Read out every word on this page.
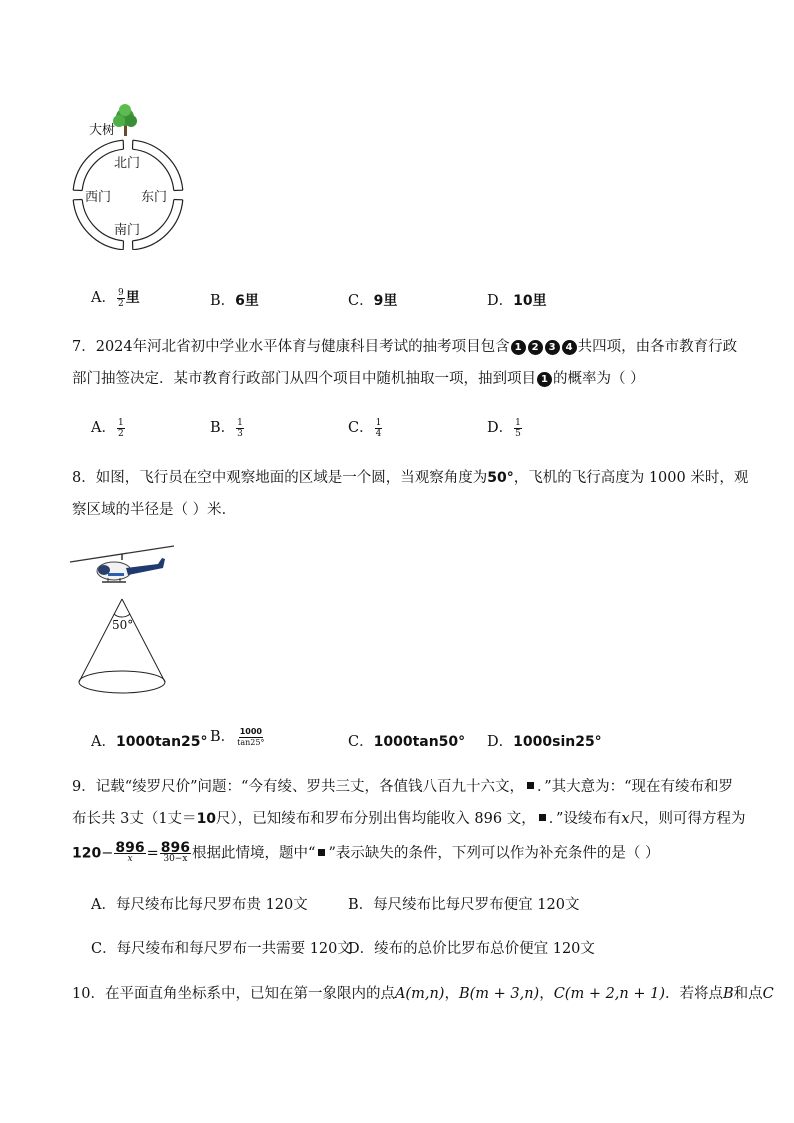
大树
北门
西门 东门
南门
A． $\frac{9}{2}$ 里	B．6里	C．9里	D．10里
7．2024年河北省初中学业水平体育与健康科目考试的抽考项目包含 1 2 3 4 共四项，由各市教育行政
部门抽签决定．某市教育行政部门从四个项目中随机抽取一项，抽到项目 1 的概率为（ ）
A． $\frac{1}{2}$	B． $\frac{1}{3}$	C． $\frac{1}{4}$	D． $\frac{1}{5}$
8．如图，飞行员在空中观察地面的区域是一个圆，当观察角度为50°，飞机的飞行高度为 1000 米时，观
察区域的半径是（ ）米．
50°
A．1000tan25° B． $\frac{1000}{\tan 25^\circ}$	C．1000tan50° D．1000sin25°
9．记载“绫罗尺价”问题：“今有绫、罗共三丈，各值钱八百九十六文， ．”其大意为：“现在有绫布和罗
布长共 3丈（1丈＝10尺），已知绫布和罗布分别出售均能收入 896 文， ．”设绫布有x尺，则可得方程为
$120- \frac{896}{x} = \frac{896}{30-x}$ 根据此情境，题中“ ”表示缺失的条件，下列可以作为补充条件的是（ ）
A．每尺绫布比每尺罗布贵 120文	B．每尺绫布比每尺罗布便宜 120文
C．每尺绫布和每尺罗布一共需要 120文
D．绫布的总价比罗布总价便宜 120文
10．在平面直角坐标系中，已知在第一象限内的点A(m,n)，B(m + 3,n)，C(m + 2,n + 1)．若将点B和点C
